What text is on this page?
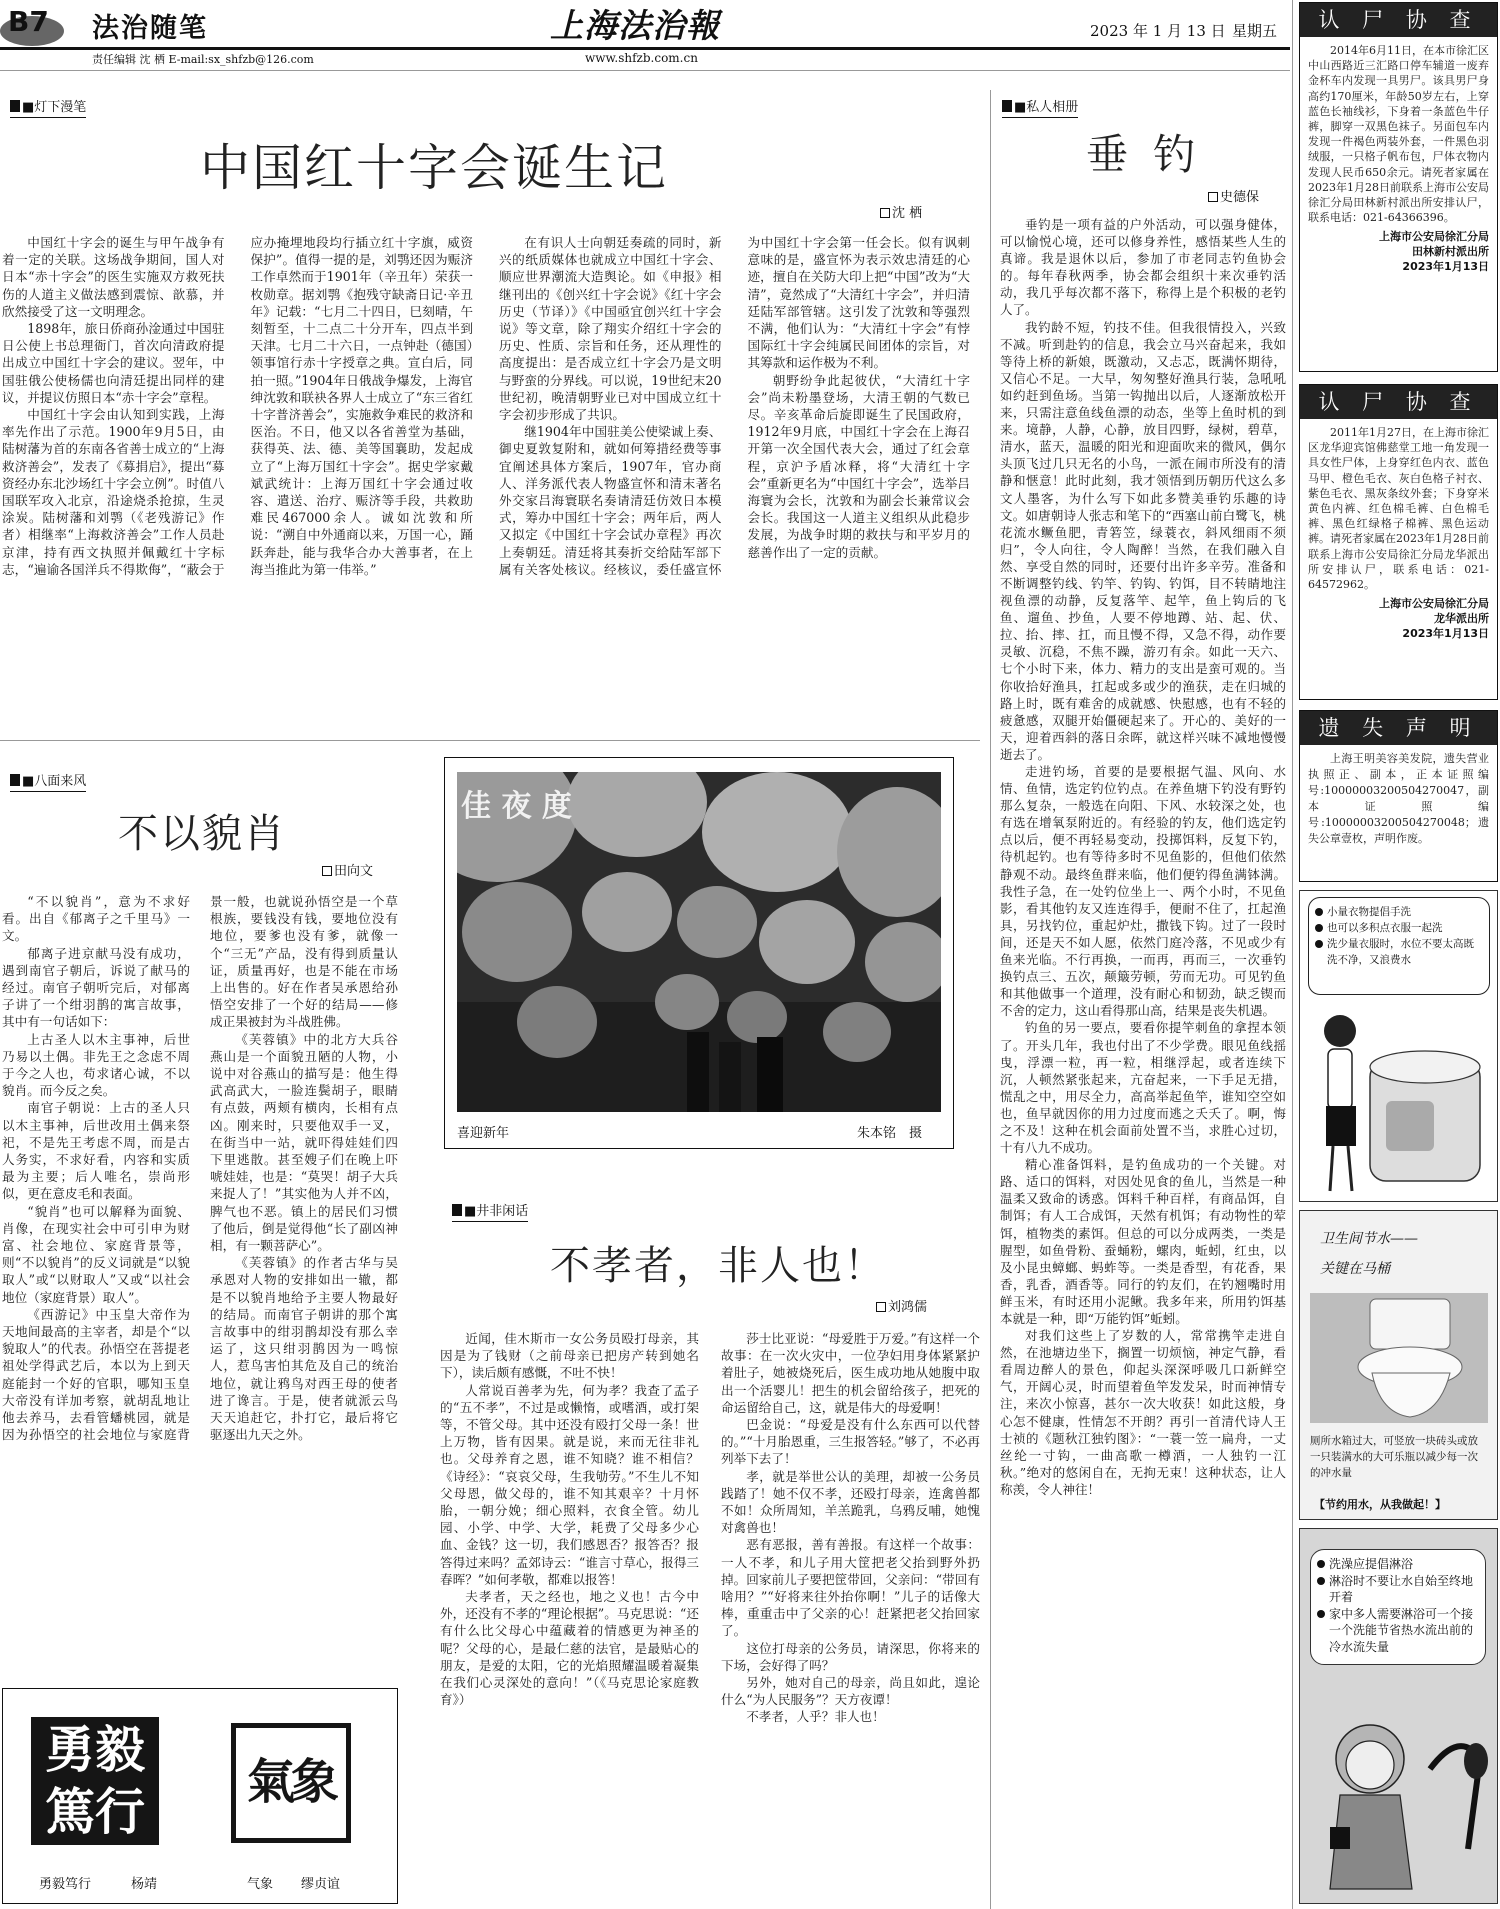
B7 法治随笔
责任编辑 沈 栖 E-mail:sx_shfzb@126.com
上海法治報
www.shfzb.com.cn
2023 年 1 月 13 日 星期五
■灯下漫笔
中国红十字会诞生记
沈 栖

中国红十字会的诞生与甲午战争有着一定的关联。这场战争期间，国人对日本“赤十字会”的医生实施双方救死扶伤的人道主义做法感到震惊、歆慕，并欣然接受了这一文明理念。

1898年，旅日侨商孙淦通过中国驻日公使上书总理衙门，首次向清政府提出成立中国红十字会的建议。翌年，中国驻俄公使杨儒也向清廷提出同样的建议，并提议仿照日本“赤十字会”章程。

中国红十字会由认知到实践，上海率先作出了示范。1900年9月5日，由陆树藩为首的东南各省善士成立的“上海救济善会”，发表了《募捐启》，提出“募资经办东北沙场红十字会立例”。时值八国联军攻入北京，沿途烧杀抢掠，生灵涂炭。陆树藩和刘鹗（《老残游记》作者）相继率“上海救济善会”工作人员赴京津，持有西文执照并佩戴红十字标志，“遍谕各国洋兵不得欺侮”，“蔽会于应办掩埋地段均行插立红十字旗，威资保护”。值得一提的是，刘鹗还因为赈济工作卓然而于1901年（辛丑年）荣获一枚勋章。据刘鹗《抱残守缺斋日记·辛丑年》记载：“七月二十四日，巳刻晴，午刻暂至，十二点二十分开车，四点半到天津。七月二十六日，一点钟赴（德国）领事馆行赤十字授章之典。宣白后，同拍一照。”1904年日俄战争爆发，上海官绅沈敦和联袂各界人士成立了“东三省红十字普济善会”，实施救争难民的救济和医治。不日，他又以各省善堂为基础，获得英、法、德、美等国襄助，发起成立了“上海万国红十字会”。据史学家戴斌武统计：上海万国红十字会通过收容、遣送、治疗、赈济等手段，共救助难民467000余人。诚如沈敦和所说：“溯自中外通商以来，万国一心，踊跃奔赴，能与我华合办大善事者，在上海当推此为第一伟举。”

在有识人士向朝廷奏疏的同时，新兴的纸质媒体也就成立中国红十字会、顺应世界潮流大造舆论。如《申报》相继刊出的《创兴红十字会说》《红十字会历史（节译）》《中国亟宜创兴红十字会说》等文章，除了翔实介绍红十字会的历史、性质、宗旨和任务，还从理性的高度提出：是否成立红十字会乃是文明与野蛮的分界线。可以说，19世纪末20世纪初，晚清朝野业已对中国成立红十字会初步形成了共识。

继1904年中国驻美公使梁诚上奏、御史夏敦复附和，就如何筹措经费等事宜阐述具体方案后，1907年，官办商人、洋务派代表人物盛宣怀和清末著名外交家吕海寰联名奏请清廷仿效日本模式，筹办中国红十字会；两年后，两人又拟定《中国红十字会试办章程》再次上奏朝廷。清廷将其奏折交给陆军部下属有关客处核议。经核议，委任盛宣怀为中国红十字会第一任会长。似有讽刺意味的是，盛宣怀为表示效忠清廷的心迹，擅自在关防大印上把“中国”改为“大清”，竟然成了“大清红十字会”，并归清廷陆军部管辖。这引发了沈敦和等强烈不满，他们认为：“大清红十字会”有悖国际红十字会纯属民间团体的宗旨，对其筹款和运作极为不利。

朝野纷争此起彼伏，“大清红十字会”尚未粉墨登场，大清王朝的气数已尽。辛亥革命后旋即诞生了民国政府，1912年9月底，中国红十字会在上海召开第一次全国代表大会，通过了红会章程，京沪予盾冰释，将“大清红十字会”重新更名为“中国红十字会”，选举吕海寰为会长，沈敦和为副会长兼常议会会长。我国这一人道主义组织从此稳步发展，为战争时期的救扶与和平岁月的慈善作出了一定的贡献。

■八面来风
不以貌肖
田向文

“不以貌肖”，意为不求好看。出自《郁离子之千里马》一文。

郁离子进京献马没有成功，遇到南官子朝后，诉说了献马的经过。南官子朝听完后，对郁离子讲了一个绀羽鹊的寓言故事，其中有一句话如下：

上古圣人以木主事神，后世乃易以土偶。非先王之念虑不周于今之人也，苟求诸心诚，不以貌肖。而今反之矣。

南官子朝说：上古的圣人只以木主事神，后世改用土偶来祭祀，不是先王考虑不周，而是古人务实，不求好看，内容和实质最为主要；后人唯名，崇尚形似，更在意皮毛和表面。

“貌肖”也可以解释为面貌、肖像，在现实社会中可引申为财富、社会地位、家庭背景等，则“不以貌肖”的反义词就是“以貌取人”或“以财取人”又或“以社会地位（家庭背景）取人”。

《西游记》中玉皇大帝作为天地间最高的主宰者，却是个“以貌取人”的代表。孙悟空在菩提老祖处学得武艺后，本以为上到天庭能封一个好的官职，哪知玉皇大帝没有详加考察，就胡乱地让他去养马，去看管蟠桃园，就是因为孙悟空的社会地位与家庭背景一般，也就说孙悟空是一个草根族，要钱没有钱，要地位没有地位，要爹也没有爹，就像一个“三无”产品，没有得到质量认证，质量再好，也是不能在市场上出售的。好在作者吴承恩给孙悟空安排了一个好的结局——修成正果被封为斗战胜佛。

《芙蓉镇》中的北方大兵谷燕山是一个面貌丑陋的人物，小说中对谷燕山的描写是：他生得武高武大，一脸连鬓胡子，眼睛有点鼓，两颊有横肉，长相有点凶。刚来时，只要他双手一叉，在街当中一站，就吓得娃娃们四下里逃散。甚至嫂子们在晚上吓唬娃娃，也是：“莫哭！胡子大兵来捉人了！”其实他为人并不凶，脾气也不恶。镇上的居民们习惯了他后，倒是觉得他“长了副凶神相，有一颗菩萨心”。

《芙蓉镇》的作者古华与吴承恩对人物的安排如出一辙，都是不以貌肖地给予主要人物最好的结局。而南官子朝讲的那个寓言故事中的绀羽鹊却没有那么幸运了，这只绀羽鹊因为一鸣惊人，惹鸟害怕其危及自己的统治地位，就让鸦鸟对西王母的使者进了谗言。于是，使者就派云鸟天天追赶它，扑打它，最后将它驱逐出九天之外。

佳 夜 度
喜迎新年	朱本铭　摄
■井非闲话
不孝者，非人也！
刘鸿儒

近闻，佳木斯市一女公务员殴打母亲，其因是为了钱财（之前母亲已把房产转到她名下），读后颇有感慨，不吐不快！

人常说百善孝为先，何为孝？我查了孟子的“五不孝”，不过是或懒惰，或嗜酒，或打架等，不管父母。其中还没有殴打父母一条！世上万物，皆有因果。就是说，来而无往非礼也。父母养育之恩，谁不知晓？谁不相信？《诗经》：“哀哀父母，生我劬劳。”不生儿不知父母恩，做父母的，谁不知其艰辛？十月怀胎，一朝分娩；细心照料，衣食全管。幼儿园、小学、中学、大学，耗费了父母多少心血、金钱？这一切，我们感恩否？报答否？报答得过来吗？孟郊诗云：“谁言寸草心，报得三春晖？”如何孝敬，都难以报答！

夫孝者，天之经也，地之义也！古今中外，还没有不孝的“理论根据”。马克思说：“还有什么比父母心中蕴藏着的情感更为神圣的呢？父母的心，是最仁慈的法官，是最贴心的朋友，是爱的太阳，它的光焰照耀温暖着凝集在我们心灵深处的意向！”（《马克思论家庭教育》）

莎士比亚说：“母爱胜于万爱。”有这样一个故事：在一次火灾中，一位孕妇用身体紧紧护着肚子，她被烧死后，医生成功地从她腹中取出一个活婴儿！把生的机会留给孩子，把死的命运留给自己，这，就是伟大的母爱啊！

巴金说：“母爱是没有什么东西可以代替的。”“十月胎恩重，三生报答轻。”够了，不必再列举下去了！

孝，就是举世公认的美理，却被一公务员践踏了！她不仅不孝，还殴打母亲，连禽兽都不如！众所周知，羊羔跪乳，乌鸦反哺，她愧对禽兽也！

恶有恶报，善有善报。有这样一个故事：一人不孝，和儿子用大筐把老父抬到野外扔掉。回家前儿子要把筐带回，父亲问：“带回有啥用？”“好将来往外抬你啊！”儿子的话像大棒，重重击中了父亲的心！赶紧把老父抬回家了。

这位打母亲的公务员，请深思，你将来的下场，会好得了吗？

另外，她对自己的母亲，尚且如此，遑论什么“为人民服务”？天方夜谭！

不孝者，人乎？非人也！

勇毅篤行	氣象
勇毅笃行	杨靖	气象 缪贞谊
■私人相册
垂 钓
史德保

垂钓是一项有益的户外活动，可以强身健体，可以愉悦心境，还可以修身养性，感悟某些人生的真谛。我是退休以后，参加了市老同志钓鱼协会的。每年春秋两季，协会都会组织十来次垂钓活动，我几乎每次都不落下，称得上是个积极的老钓人了。

我钓龄不短，钓技不佳。但我很情投入，兴致不减。听到赴钓的信息，我会立马兴奋起来，我如等待上桥的新娘，既激动，又忐忑，既满怀期待，又信心不足。一大早，匆匆整好渔具行装，急吼吼如约赶到鱼场。当第一钩抛出以后，人逐渐放松开来，只需注意鱼线鱼漂的动态，坐等上鱼时机的到来。境静，人静，心静，放目四野，绿树，碧草，清水，蓝天，温暖的阳光和迎面吹来的微风，偶尔头顶飞过几只无名的小鸟，一派在闹市所没有的清静和惬意！此时此刻，我才领悟到历朝历代这么多文人墨客，为什么写下如此多赞美垂钓乐趣的诗文。如唐朝诗人张志和笔下的“西塞山前白鹭飞，桃花流水鳜鱼肥，青箬笠，绿蓑衣，斜风细雨不须归”，令人向往，令人陶醉！当然，在我们融入自然、享受自然的同时，还要付出许多辛劳。准备和不断调整钓线、钓竿、钓钩、钓饵，目不转睛地注视鱼漂的动静，反复落竿、起竿，鱼上钩后的飞鱼、遛鱼、抄鱼，人要不停地蹲、站、起、伏、拉、抬、摔、扛，而且慢不得，又急不得，动作要灵敏、沉稳，不焦不躁，游刃有余。如此一天六、七个小时下来，体力、精力的支出是蛮可观的。当你收拾好渔具，扛起或多或少的渔获，走在归城的路上时，既有难舍的成就感、快慰感，也有不轻的疲惫感，双腿开始僵硬起来了。开心的、美好的一天，迎着西斜的落日余晖，就这样兴味不减地慢慢逝去了。

走进钓场，首要的是要根据气温、风向、水情、鱼情，选定钓位钓点。在养鱼塘下钓没有野钓那么复杂，一般选在向阳、下风、水较深之处，也有选在增氧泵附近的。有经验的钓友，他们选定钓点以后，便不再轻易变动，投掷饵料，反复下钓，待机起钓。也有等待多时不见鱼影的，但他们依然静观不动。最终鱼群来临，他们便钓得鱼满钵满。我性子急，在一处钓位坐上一、两个小时，不见鱼影，看其他钓友又连连得手，便耐不住了，扛起渔具，另找钓位，重起炉灶，撒钱下钩。过了一段时间，还是天不如人愿，依然门庭冷落，不见或少有鱼来光临。不行再换，一而再，再而三，一次垂钓换钓点三、五次，颠簸劳顿，劳而无功。可见钓鱼和其他做事一个道理，没有耐心和韧劲，缺乏锲而不舍的定力，这山看得那山高，结果是丧失机遇。

钓鱼的另一要点，要看你提竿刺鱼的拿捏本领了。开头几年，我也付出了不少学费。眼见鱼线摇曳，浮漂一粒，再一粒，相继浮起，或者连续下沉，人顿然紧张起来，亢奋起来，一下手足无措，慌乱之中，用尽全力，高高举起鱼竿，谁知空空如也，鱼早就因你的用力过度而逃之夭夭了。啊，悔之不及！这种在机会面前处置不当，求胜心过切，十有八九不成功。

精心准备饵料，是钓鱼成功的一个关键。对路、适口的饵料，对因处见食的鱼儿，当然是一种温柔又致命的诱惑。饵料千种百样，有商品饵，自制饵；有人工合成饵，天然有机饵；有动物性的荤饵，植物类的素饵。但总的可以分成两类，一类是腥型，如鱼骨粉、蚕蛹粉，螺肉，蚯蚓，红虫，以及小昆虫蟑螂、蚂蚱等。一类是香型，有花香，果香，乳香，酒香等。同行的钓友们，在钓翘嘴时用鲜玉米，有时还用小泥鳅。我多年来，所用钓饵基本就是一种，即“万能钓饵”蚯蚓。

对我们这些上了岁数的人，常常携竿走进自然，在池塘边坐下，搁置一切烦恼，神定气静，看看周边醉人的景色，仰起头深深呼吸几口新鲜空气，开阔心灵，时而望着鱼竿发发呆，时而神情专注，来次小惊喜，甚尔一次大收获！如此这般，身心怎不健康，性情怎不开朗？再引一首清代诗人王士祯的《题秋江独钓图》：“一蓑一笠一扁舟，一丈丝纶一寸钩，一曲高歌一樽酒，一人独钓一江秋。”绝对的悠闲自在，无拘无束！这种状态，让人称羡，令人神往！

认 尸 协 查
2014年6月11日，在本市徐汇区中山西路近三汇路口停车辅道一废弃金杯车内发现一具男尸。该具男尸身高约170厘米，年龄50岁左右，上穿蓝色长袖线衫，下身着一条蓝色牛仔裤，脚穿一双黑色袜子。另面包车内发现一件褐色两装外套，一件黑色羽绒服，一只格子帆布包，尸体衣物内发现人民币650余元。请死者家属在2023年1月28日前联系上海市公安局徐汇分局田林新村派出所安排认尸，联系电话：021-64366396。
上海市公安局徐汇分局
田林新村派出所
2023年1月13日
认 尸 协 查
2011年1月27日，在上海市徐汇区龙华迎宾馆佛慈堂工地一角发现一具女性尸体，上身穿红色内衣、蓝色马甲、橙色毛衣、灰白色格子衬衣、紫色毛衣、黑灰条纹外套；下身穿米黄色内裤、红色棉毛裤、白色棉毛裤、黑色红绿格子棉裤、黑色运动裤。请死者家属在2023年1月28日前联系上海市公安局徐汇分局龙华派出所安排认尸，联系电话：021-64572962。
上海市公安局徐汇分局
龙华派出所
2023年1月13日
遗 失 声 明
上海王明美容美发院，遗失营业执照正、副本，正本证照编号:10000003200504270047，副本证照编号:10000003200504270048；遗失公章壹枚，声明作废。
小量衣物提倡手洗
也可以多积点衣服一起洗
洗少量衣服时，水位不要太高既洗不净，又浪费水
卫生间节水——
关键在马桶
厕所水箱过大，可竖放一块砖头或放一只装满水的大可乐瓶以减少每一次的冲水量
【节约用水，从我做起！】
洗澡应提倡淋浴
淋浴时不要让水自始至终地开着
家中多人需要淋浴可一个接一个洗能节省热水流出前的冷水流失量
